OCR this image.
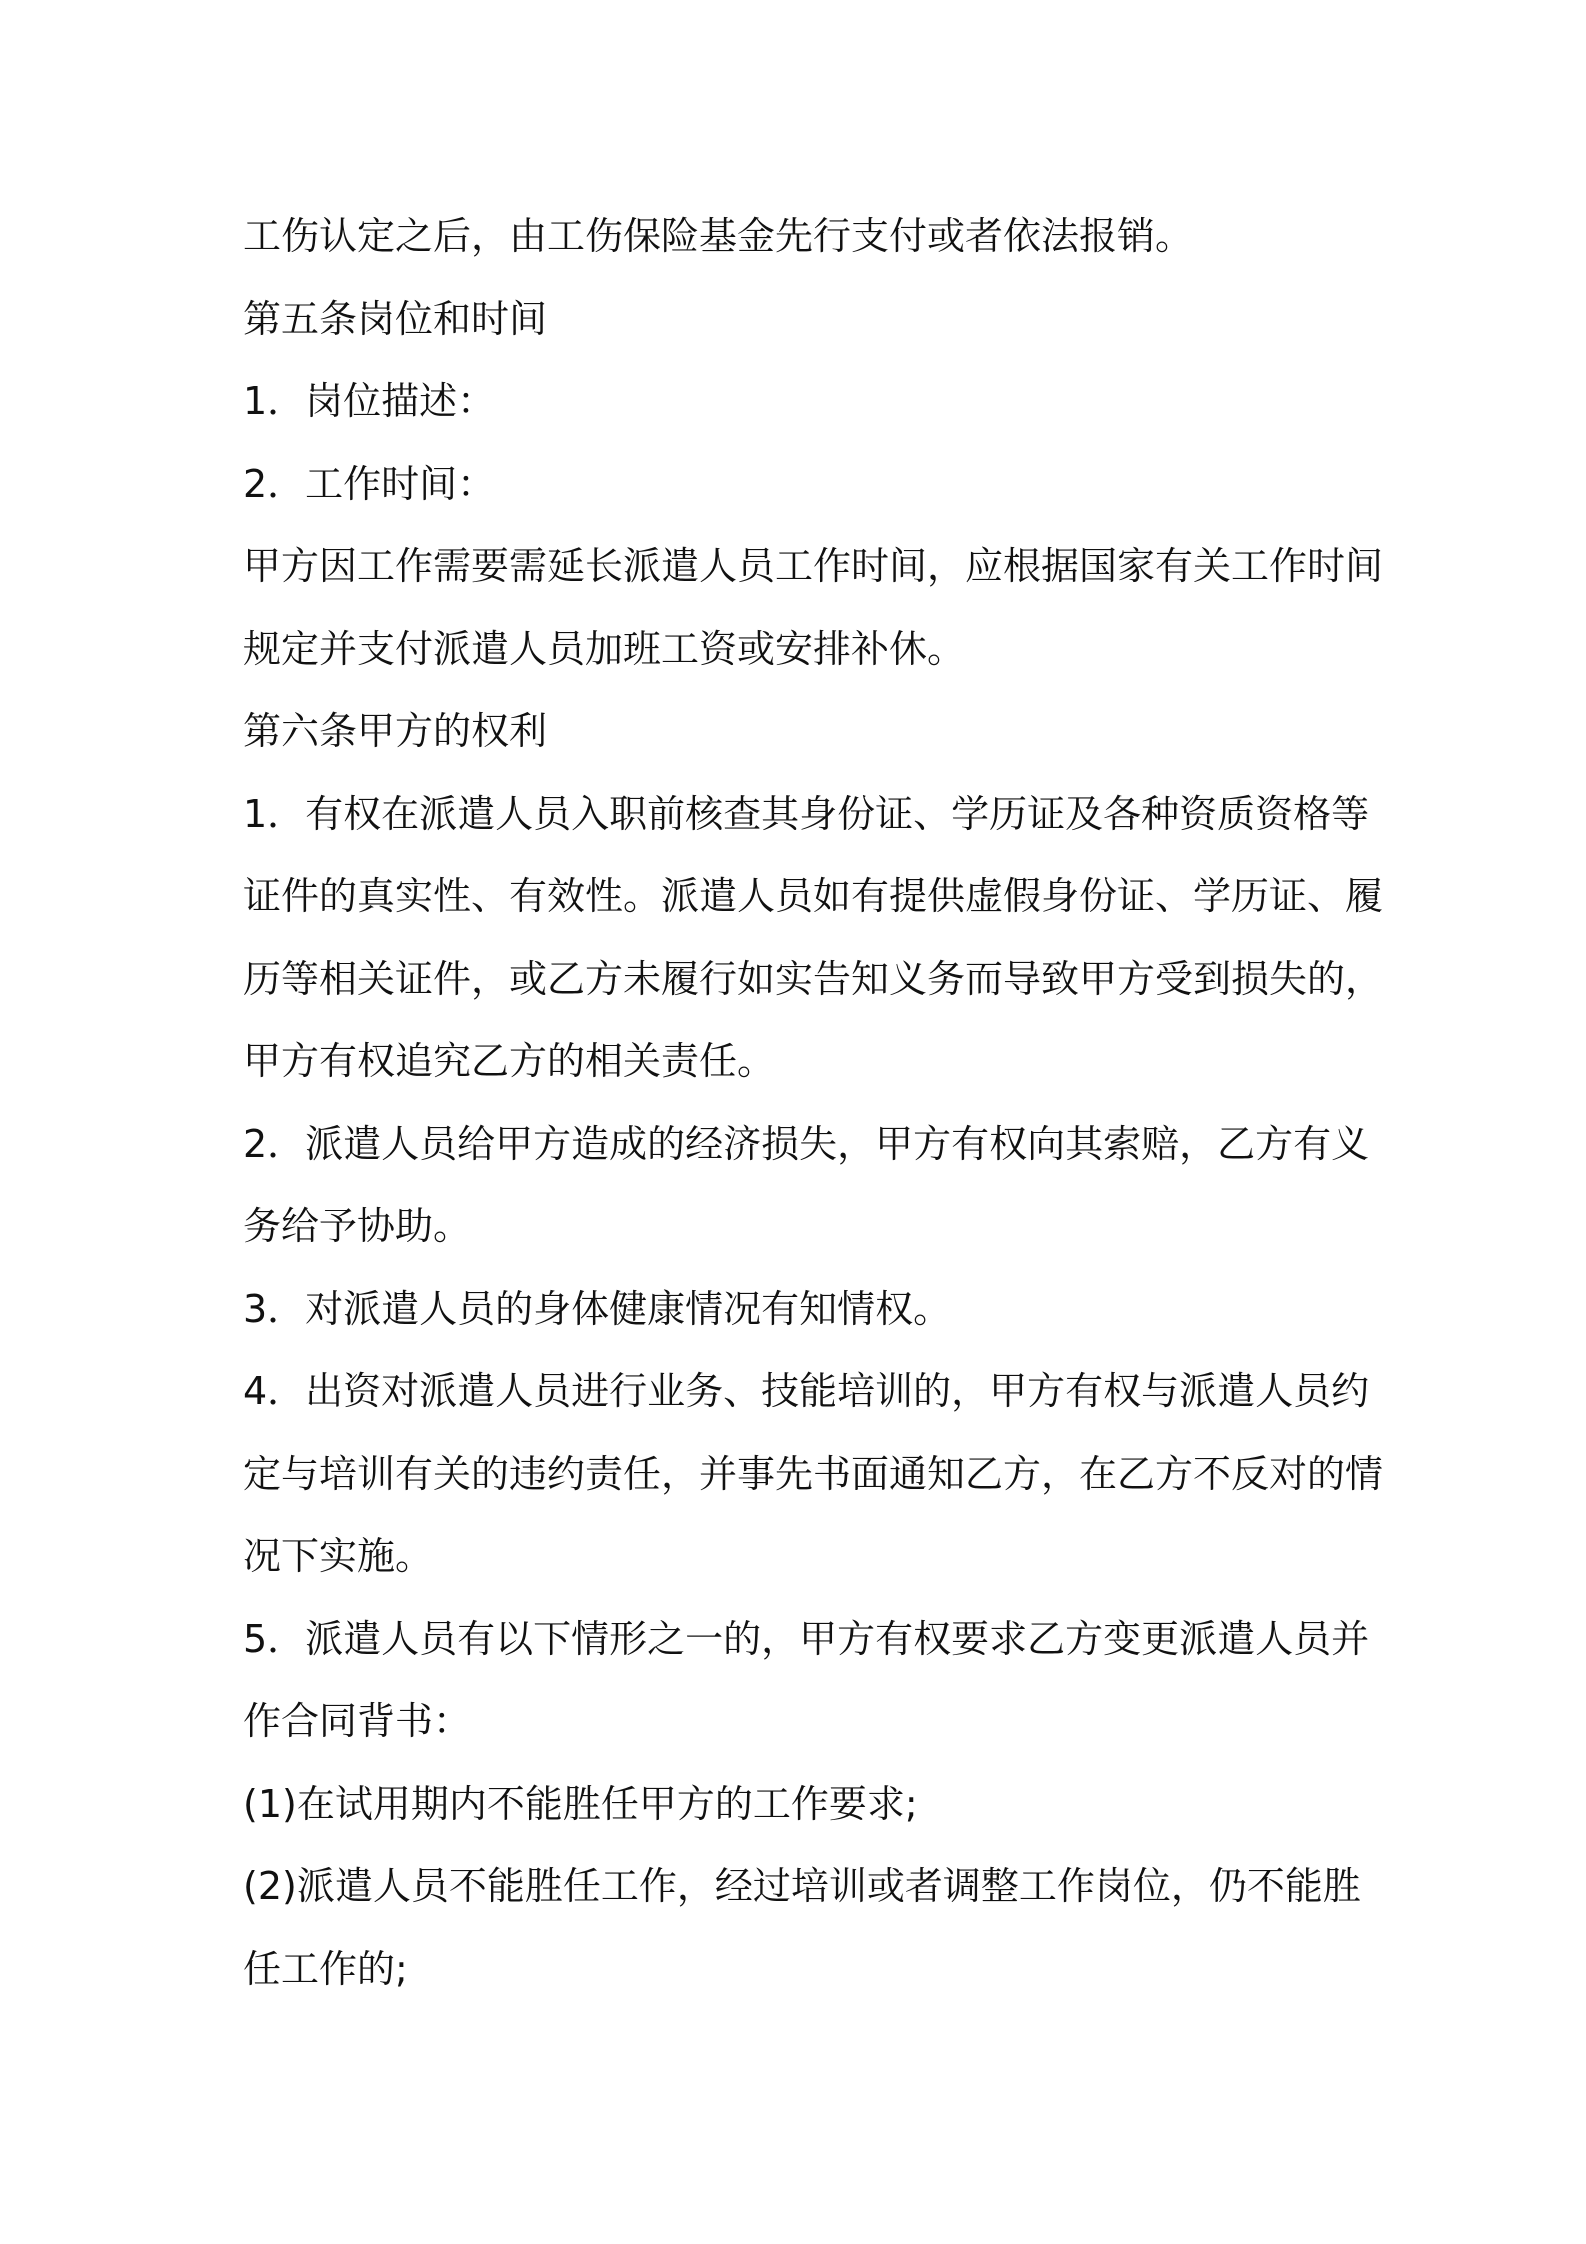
工伤认定之后，由工伤保险基金先行支付或者依法报销。
第五条岗位和时间
1．岗位描述：
2．工作时间：
甲方因工作需要需延长派遣人员工作时间，应根据国家有关工作时间
规定并支付派遣人员加班工资或安排补休。
第六条甲方的权利
1．有权在派遣人员入职前核查其身份证、学历证及各种资质资格等
证件的真实性、有效性。派遣人员如有提供虚假身份证、学历证、履
历等相关证件，或乙方未履行如实告知义务而导致甲方受到损失的，
甲方有权追究乙方的相关责任。
2．派遣人员给甲方造成的经济损失，甲方有权向其索赔，乙方有义
务给予协助。
3．对派遣人员的身体健康情况有知情权。
4．出资对派遣人员进行业务、技能培训的，甲方有权与派遣人员约
定与培训有关的违约责任，并事先书面通知乙方，在乙方不反对的情
况下实施。
5．派遣人员有以下情形之一的，甲方有权要求乙方变更派遣人员并
作合同背书：
(1)在试用期内不能胜任甲方的工作要求;
(2)派遣人员不能胜任工作，经过培训或者调整工作岗位，仍不能胜
任工作的;
